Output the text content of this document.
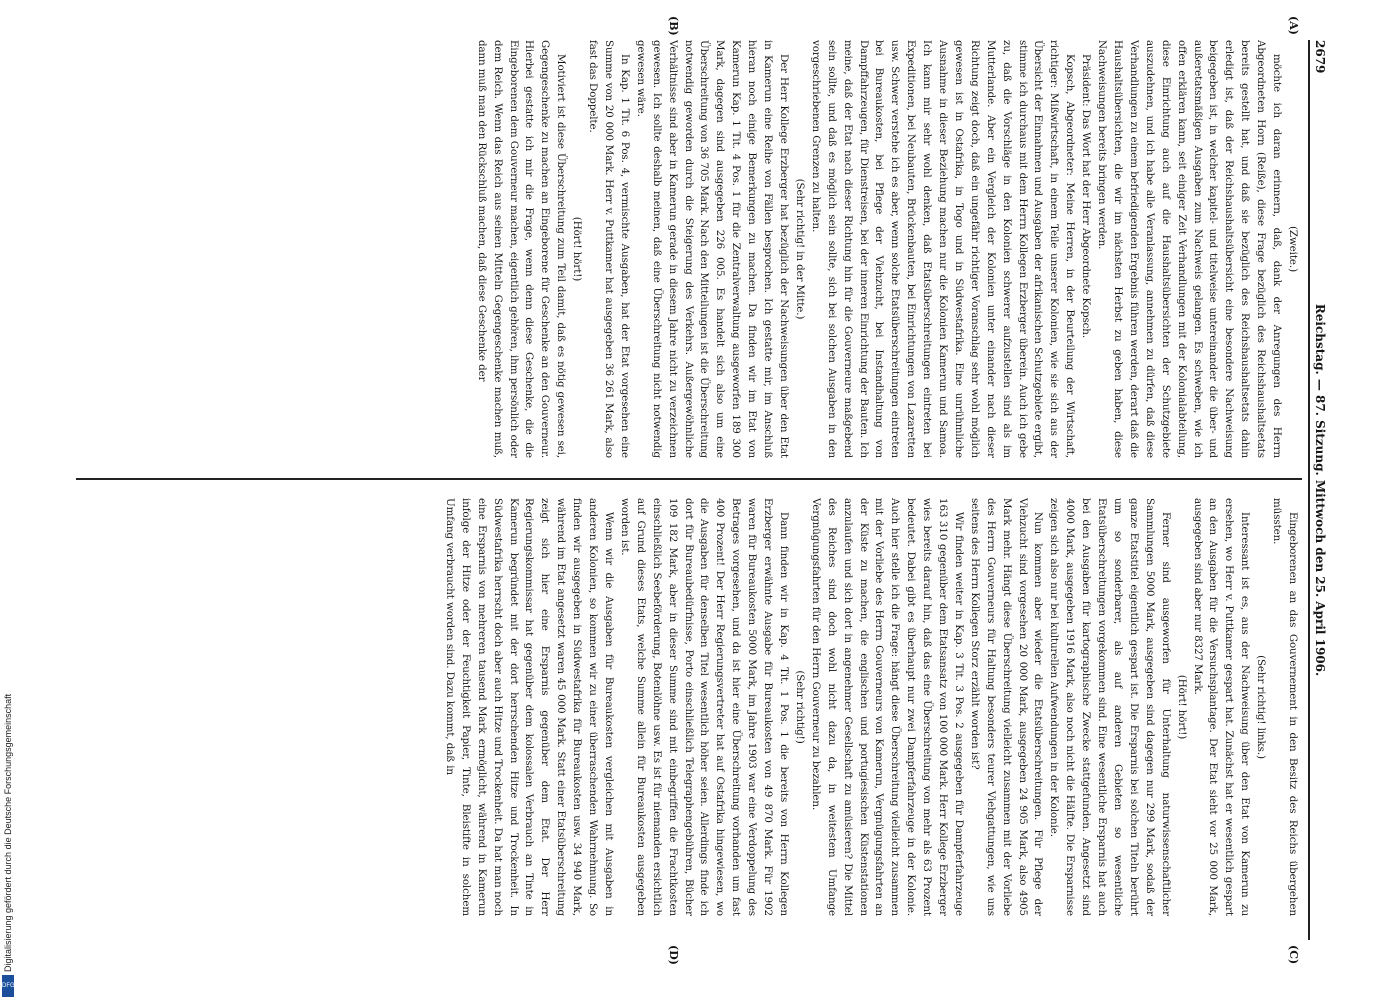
2679
Reichstag. — 87. Sitzung. Mittwoch den 25. April 1906.
(A)
(B)
(C)
(D)

(Zweite.)

möchte ich daran erinnern, daß, dank der Anregungen des Herrn Abgeordneten Horn (Reiße), diese Frage bezüglich des Reichshaushaltsetats bereits gestellt hat, und daß sie bezüglich des Reichshaushaltsetats dahin erledigt ist, daß der Reichshaushaltsübersicht eine besondere Nachweisung beigegeben ist, in welcher kapitel- und titelweise untereinander die über- und außeretatsmäßigen Ausgaben zum Nachweis gelangen. Es schweben, wie ich offen erklären kann, seit einiger Zeit Verhandlungen mit der Kolonialabteilung, diese Einrichtung auch auf die Haushaltsübersichten der Schutzgebiete auszudehnen, und ich habe alle Veranlassung, annehmen zu dürfen, daß diese Verhandlungen zu einem befriedigenden Ergebnis führen werden, derart daß die Haushaltsübersichten, die wir im nächsten Herbst zu geben haben, diese Nachweisungen bereits bringen werden.

Präsident: Das Wort hat der Herr Abgeordnete Kopsch.

Kopsch, Abgeordneter: Meine Herren, in der Beurteilung der Wirtschaft, richtiger: Mißwirtschaft, in einem Teile unserer Kolonien, wie sie sich aus der Übersicht der Einnahmen und Ausgaben der afrikanischen Schutzgebiete ergibt, stimme ich durchaus mit dem Herrn Kollegen Erzberger überein. Auch ich gebe zu, daß die Vorschläge in den Kolonien schwerer aufzustellen sind als im Mutterlande. Aber ein Vergleich der Kolonien unter einander nach dieser Richtung zeigt doch, daß ein ungefähr richtiger Voranschlag sehr wohl möglich gewesen ist in Ostafrika, in Togo und in Südwestafrika. Eine unrühmliche Ausnahme in dieser Beziehung machen nur die Kolonien Kamerun und Samoa. Ich kann mir sehr wohl denken, daß Etatsüberschreitungen eintreten bei Expeditionen, bei Neubauten, Brückenbauten, bei Einrichtungen von Lazaretten usw. Schwer verstehe ich es aber, wenn solche Etatsüberschreitungen eintreten bei Bureaukosten, bei Pflege der Viehzucht, bei Instandhaltung von Dampffahrzeugen, für Dienstreisen, bei der inneren Einrichtung der Bauten. Ich meine, daß der Etat nach dieser Richtung hin für die Gouverneure maßgebend sein sollte, und daß es möglich sein sollte, sich bei solchen Ausgaben in den vorgeschriebenen Grenzen zu halten.

(Sehr richtig! in der Mitte.)

Der Herr Kollege Erzberger hat bezüglich der Nachweisungen über den Etat in Kamerun eine Reihe von Fällen besprochen. Ich gestatte mir, im Anschluß hieran noch einige Bemerkungen zu machen. Da finden wir im Etat von Kamerun Kap. 1 Tit. 4 Pos. 1 für die Zentralverwaltung ausgeworfen 189 300 Mark, dagegen sind ausgegeben 226 005. Es handelt sich also um eine Überschreitung von 36 705 Mark. Nach den Mitteilungen ist die Überschreitung notwendig geworden durch die Steigerung des Verkehrs. Außergewöhnliche Verhältnisse sind aber in Kamerun gerade in diesem Jahre nicht zu verzeichnen gewesen. Ich sollte deshalb meinen, daß eine Überschreitung nicht notwendig gewesen wäre.

In Kap. 1 Tit. 6 Pos. 4, vermischte Ausgaben, hat der Etat vorgesehen eine Summe von 20 000 Mark. Herr v. Puttkamer hat ausgegeben 36 261 Mark, also fast das Doppelte.

(Hört! hört!)

Motiviert ist diese Überschreitung zum Teil damit, daß es nötig gewesen sei, Gegengeschenke zu machen an Eingeborene für Geschenke an den Gouverneur. Hierbei gestatte ich mir die Frage, wenn denn diese Geschenke, die die Eingeborenen dem Gouverneur machen, eigentlich gehören, ihm persönlich oder dem Reich. Wenn das Reich aus seinen Mitteln Gegengeschenke machen muß, dann muß man den Rückschluß machen, daß diese Geschenke der

Eingeborenen an das Gouvernement in den Besitz des Reichs übergehen müssten.

(Sehr richtig! links.)

Interessant ist es, aus der Nachweisung über den Etat von Kamerun zu ersehen, wo Herr v. Puttkamer gespart hat. Zunächst hat er wesentlich gespart an den Ausgaben für die Versuchsplantage. Der Etat sieht vor 25 000 Mark, ausgegeben sind aber nur 8327 Mark.

(Hört! hört!)

Ferner sind ausgeworfen für Unterhaltung naturwissenschaftlicher Sammlungen 5000 Mark, ausgegeben sind dagegen nur 299 Mark, sodaß der ganze Etatstitel eigentlich gespart ist. Die Ersparnis bei solchen Titeln berührt um so sonderbarer, als auf anderen Gebieten so wesentliche Etatsüberschreitungen vorgekommen sind. Eine wesentliche Ersparnis hat auch bei den Ausgaben für kartographische Zwecke stattgefunden. Angesetzt sind 4000 Mark, ausgegeben 1916 Mark, also noch nicht die Hälfte. Die Ersparnisse zeigen sich also nur bei kulturellen Aufwendungen in der Kolonie.

Nun kommen aber wieder die Etatsüberschreitungen. Für Pflege der Viehzucht sind vorgesehen 20 000 Mark, ausgegeben 24 905 Mark, also 4905 Mark mehr. Hängt diese Überschreitung vielleicht zusammen mit der Vorliebe des Herrn Gouverneurs für Haltung besonders teurer Viehgattungen, wie uns seitens des Herrn Kollegen Storz erzählt worden ist?

Wir finden weiter in Kap. 3 Tit. 3 Pos. 2 ausgegeben für Dampferfahrzeuge 163 310 gegenüber dem Etatsansatz von 100 000 Mark. Herr Kollege Erzberger wies bereits darauf hin, daß das eine Überschreitung von mehr als 63 Prozent bedeutet. Dabei gibt es überhaupt nur zwei Dampferfahrzeuge in der Kolonie. Auch hier stelle ich die Frage: hängt diese Überschreitung vielleicht zusammen mit der Vorliebe des Herrn Gouverneurs von Kamerun, Vergnügungsfahrten an der Küste zu machen, die englischen und portugiesischen Küstenstationen anzulaufen und sich dort in angenehmer Gesellschaft zu amüsieren? Die Mittel des Reiches sind doch wohl nicht dazu da, in weitestem Umfange Vergnügungsfahrten für den Herrn Gouverneur zu bezahlen.

(Sehr richtig!)

Dann finden wir in Kap. 4 Tit. 1 Pos. 1 die bereits von Herrn Kollegen Erzberger erwähnte Ausgabe für Bureaukosten von 49 870 Mark. Für 1902 waren für Bureaukosten 5000 Mark, im Jahre 1903 war eine Verdoppelung des Betrages vorgesehen, und da ist hier eine Überschreitung vorhanden um fast 400 Prozent! Der Herr Regierungsvertreter hat auf Ostafrika hingewiesen, wo die Ausgaben für denselben Titel wesentlich höher seien. Allerdings finde ich dort für Bureaubedürfnisse, Porto einschließlich Telegraphengebühren, Bücher 109 182 Mark, aber in dieser Summe sind mit einbegriffen die Frachtkosten einschließlich Seebeförderung, Botenlöhne usw. Es ist für niemanden ersichtlich auf Grund dieses Etats, welche Summe allein für Bureaukosten ausgegeben worden ist.

Wenn wir die Ausgaben für Bureaukosten vergleichen mit Ausgaben in anderen Kolonien, so kommen wir zu einer überraschenden Wahrnehmung. So finden wir ausgegeben in Südwestafrika für Bureaukosten usw. 34 940 Mark, während im Etat angesetzt waren 45 000 Mark. Statt einer Etatsüberschreitung zeigt sich hier eine Ersparnis gegenüber dem Etat. Der Herr Regierungskommissar hat gegenüber dem kolossalen Verbrauch an Tinte in Kamerun begründet mit der dort herrschenden Hitze und Trockenheit. In Südwestafrika herrscht doch aber auch Hitze und Trockenheit. Da hat man noch eine Ersparnis von mehreren tausend Mark ermöglicht, während in Kamerun infolge der Hitze oder der Feuchtigkeit Papier, Tinte, Bleistifte in solchem Umfang verbraucht worden sind. Dazu kommt, daß in

Digitalisierung gefördert durch die Deutsche Forschungsgemeinschaft
DFG
